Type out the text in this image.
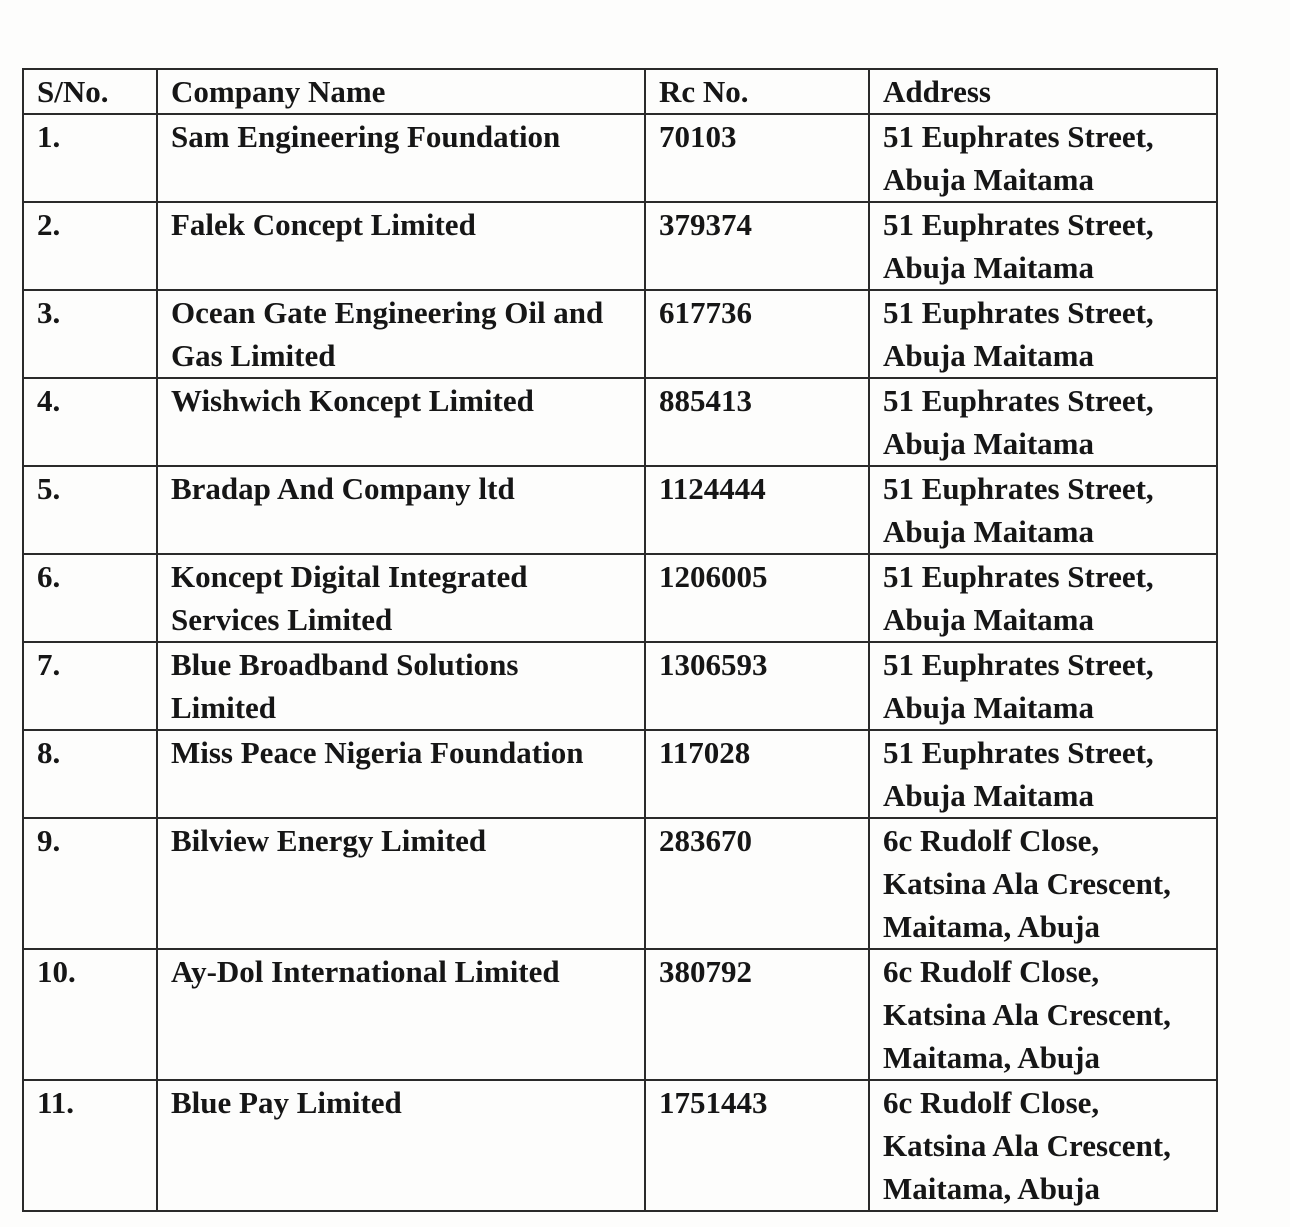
S/No.	Company Name	Rc No.	Address
1.	Sam Engineering Foundation	70103	51 Euphrates Street, Abuja Maitama
2.	Falek Concept Limited	379374	51 Euphrates Street, Abuja Maitama
3.	Ocean Gate Engineering Oil and Gas Limited	617736	51 Euphrates Street, Abuja Maitama
4.	Wishwich Koncept Limited	885413	51 Euphrates Street, Abuja Maitama
5.	Bradap And Company ltd	1124444	51 Euphrates Street, Abuja Maitama
6.	Koncept Digital Integrated Services Limited	1206005	51 Euphrates Street, Abuja Maitama
7.	Blue Broadband Solutions Limited	1306593	51 Euphrates Street, Abuja Maitama
8.	Miss Peace Nigeria Foundation	117028	51 Euphrates Street, Abuja Maitama
9.	Bilview Energy Limited	283670	6c Rudolf Close, Katsina Ala Crescent, Maitama, Abuja
10.	Ay-Dol International Limited	380792	6c Rudolf Close, Katsina Ala Crescent, Maitama, Abuja
11.	Blue Pay Limited	1751443	6c Rudolf Close, Katsina Ala Crescent, Maitama, Abuja
